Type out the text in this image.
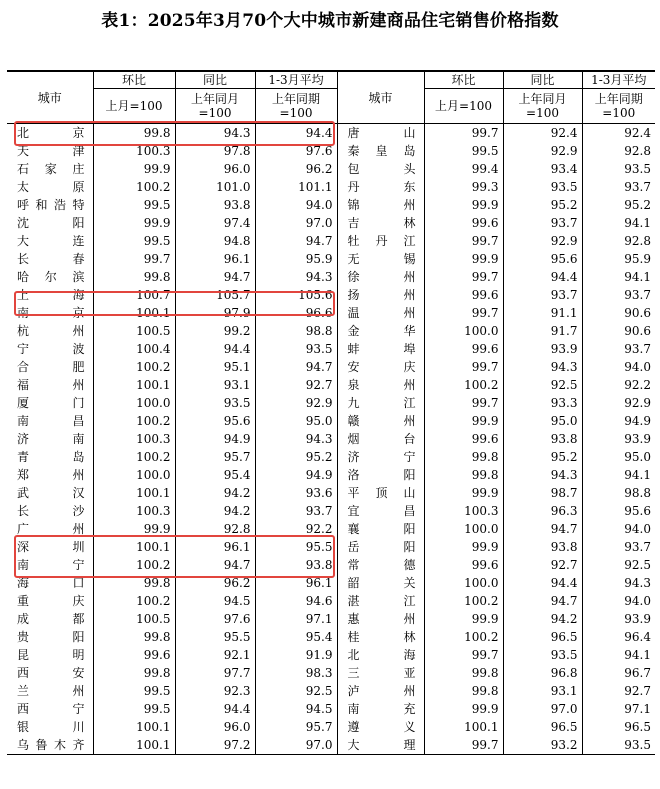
表1：2025年3月70个大中城市新建商品住宅销售价格指数
城市	环比	同比	1-3月平均	城市	环比	同比	1-3月平均
	上月=100	上年同月
=100	上年同期
=100		上月=100	上年同月
=100	上年同期
=100
北京	99.8	94.3	94.4	唐山	99.7	92.4	92.4
天津	100.3	97.8	97.6	秦皇岛	99.5	92.9	92.8
石家庄	99.9	96.0	96.2	包头	99.4	93.4	93.5
太原	100.2	101.0	101.1	丹东	99.3	93.5	93.7
呼和浩特	99.5	93.8	94.0	锦州	99.9	95.2	95.2
沈阳	99.9	97.4	97.0	吉林	99.6	93.7	94.1
大连	99.5	94.8	94.7	牡丹江	99.7	92.9	92.8
长春	99.7	96.1	95.9	无锡	99.9	95.6	95.9
哈尔滨	99.8	94.7	94.3	徐州	99.7	94.4	94.1
上海	100.7	105.7	105.6	扬州	99.6	93.7	93.7
南京	100.1	97.9	96.6	温州	99.7	91.1	90.6
杭州	100.5	99.2	98.8	金华	100.0	91.7	90.6
宁波	100.4	94.4	93.5	蚌埠	99.6	93.9	93.7
合肥	100.2	95.1	94.7	安庆	99.7	94.3	94.0
福州	100.1	93.1	92.7	泉州	100.2	92.5	92.2
厦门	100.0	93.5	92.9	九江	99.7	93.3	92.9
南昌	100.2	95.6	95.0	赣州	99.9	95.0	94.9
济南	100.3	94.9	94.3	烟台	99.6	93.8	93.9
青岛	100.2	95.7	95.2	济宁	99.8	95.2	95.0
郑州	100.0	95.4	94.9	洛阳	99.8	94.3	94.1
武汉	100.1	94.2	93.6	平顶山	99.9	98.7	98.8
长沙	100.3	94.2	93.7	宜昌	100.3	96.3	95.6
广州	99.9	92.8	92.2	襄阳	100.0	94.7	94.0
深圳	100.1	96.1	95.5	岳阳	99.9	93.8	93.7
南宁	100.2	94.7	93.8	常德	99.6	92.7	92.5
海口	99.8	96.2	96.1	韶关	100.0	94.4	94.3
重庆	100.2	94.5	94.6	湛江	100.2	94.7	94.0
成都	100.5	97.6	97.1	惠州	99.9	94.2	93.9
贵阳	99.8	95.5	95.4	桂林	100.2	96.5	96.4
昆明	99.6	92.1	91.9	北海	99.7	93.5	94.1
西安	99.8	97.7	98.3	三亚	99.8	96.8	96.7
兰州	99.5	92.3	92.5	泸州	99.8	93.1	92.7
西宁	99.5	94.4	94.5	南充	99.9	97.0	97.1
银川	100.1	96.0	95.7	遵义	100.1	96.5	96.5
乌鲁木齐	100.1	97.2	97.0	大理	99.7	93.2	93.5
